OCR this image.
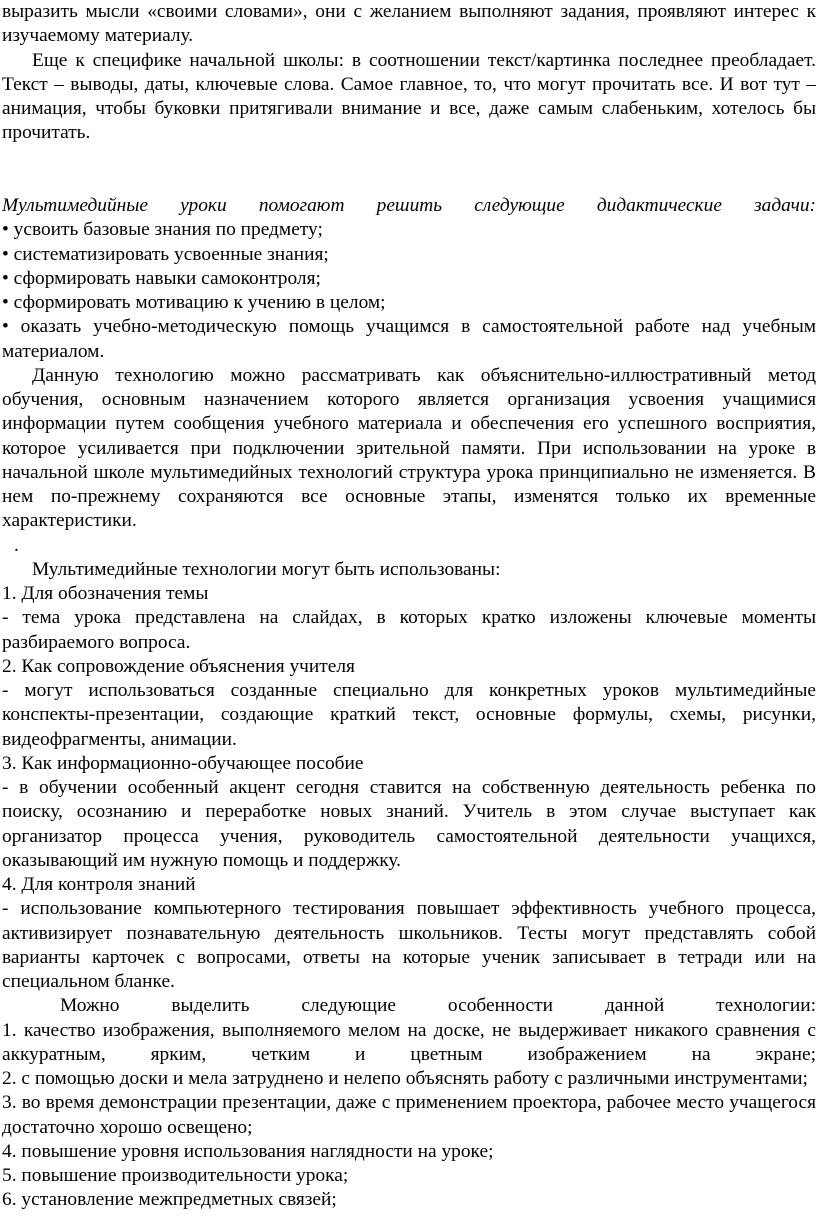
выразить мысли «своими словами», они с желанием выполняют задания, проявляют интерес к изучаемому материалу.
Еще к специфике начальной школы: в соотношении текст/картинка последнее преобладает. Текст – выводы, даты, ключевые слова. Самое главное, то, что могут прочитать все. И вот тут – анимация, чтобы буковки притягивали внимание и все, даже самым слабеньким, хотелось бы прочитать.
Мультимедийные уроки помогают решить следующие дидактические задачи:
• усвоить базовые знания по предмету;
• систематизировать усвоенные знания;
• сформировать навыки самоконтроля;
• сформировать мотивацию к учению в целом;
• оказать учебно-методическую помощь учащимся в самостоятельной работе над учебным материалом.
Данную технологию можно рассматривать как объяснительно-иллюстративный метод обучения, основным назначением которого является организация усвоения учащимися информации путем сообщения учебного материала и обеспечения его успешного восприятия, которое усиливается при подключении зрительной памяти. При использовании на уроке в начальной школе мультимедийных технологий структура урока принципиально не изменяется. В нем по-прежнему сохраняются все основные этапы, изменятся только их временные характеристики.
.
Мультимедийные технологии могут быть использованы:
1. Для обозначения темы
- тема урока представлена на слайдах, в которых кратко изложены ключевые моменты разбираемого вопроса.
2. Как сопровождение объяснения учителя
- могут использоваться созданные специально для конкретных уроков мультимедийные конспекты-презентации, создающие краткий текст, основные формулы, схемы, рисунки, видеофрагменты, анимации.
3. Как информационно-обучающее пособие
- в обучении особенный акцент сегодня ставится на собственную деятельность ребенка по поиску, осознанию и переработке новых знаний. Учитель в этом случае выступает как организатор процесса учения, руководитель самостоятельной деятельности учащихся, оказывающий им нужную помощь и поддержку.
4. Для контроля знаний
- использование компьютерного тестирования повышает эффективность учебного процесса, активизирует познавательную деятельность школьников. Тесты могут представлять собой варианты карточек с вопросами, ответы на которые ученик записывает в тетради или на специальном бланке.
Можно выделить следующие особенности данной технологии:
1. качество изображения, выполняемого мелом на доске, не выдерживает никакого сравнения с аккуратным, ярким, четким и цветным изображением на экране;
2. с помощью доски и мела затруднено и нелепо объяснять работу с различными инструментами;
3. во время демонстрации презентации, даже с применением проектора, рабочее место учащегося достаточно хорошо освещено;
4. повышение уровня использования наглядности на уроке;
5. повышение производительности урока;
6. установление межпредметных связей;
